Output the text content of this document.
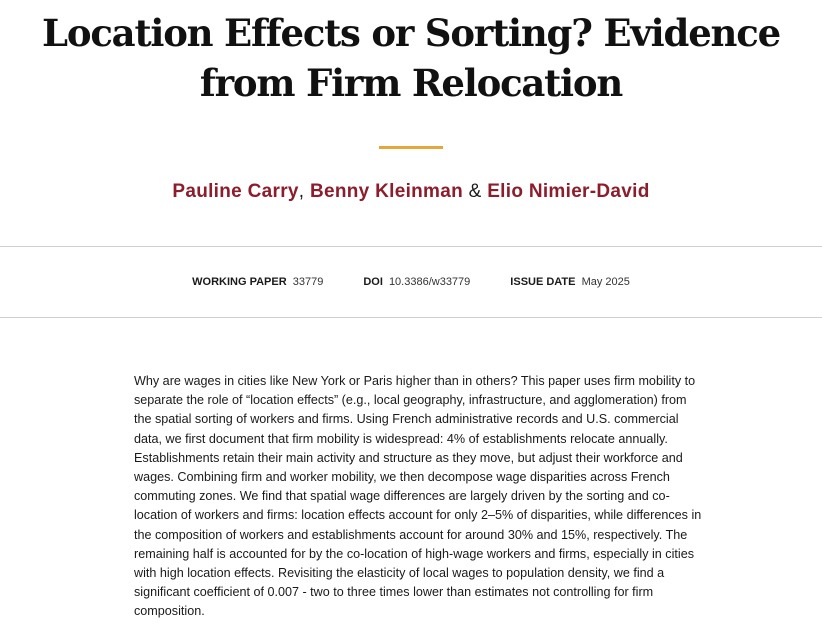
Location Effects or Sorting? Evidence from Firm Relocation
Pauline Carry, Benny Kleinman & Elio Nimier-David
WORKING PAPER 33779	DOI 10.3386/w33779	ISSUE DATE May 2025

Why are wages in cities like New York or Paris higher than in others? This paper uses firm mobility to separate the role of “location effects” (e.g., local geography, infrastructure, and agglomeration) from the spatial sorting of workers and firms. Using French administrative records and U.S. commercial data, we first document that firm mobility is widespread: 4% of establishments relocate annually. Establishments retain their main activity and structure as they move, but adjust their workforce and wages. Combining firm and worker mobility, we then decompose wage disparities across French commuting zones. We find that spatial wage differences are largely driven by the sorting and co-location of workers and firms: location effects account for only 2–5% of disparities, while differences in the composition of workers and establishments account for around 30% and 15%, respectively. The remaining half is accounted for by the co-location of high-wage workers and firms, especially in cities with high location effects. Revisiting the elasticity of local wages to population density, we find a significant coefficient of 0.007 - two to three times lower than estimates not controlling for firm composition.
